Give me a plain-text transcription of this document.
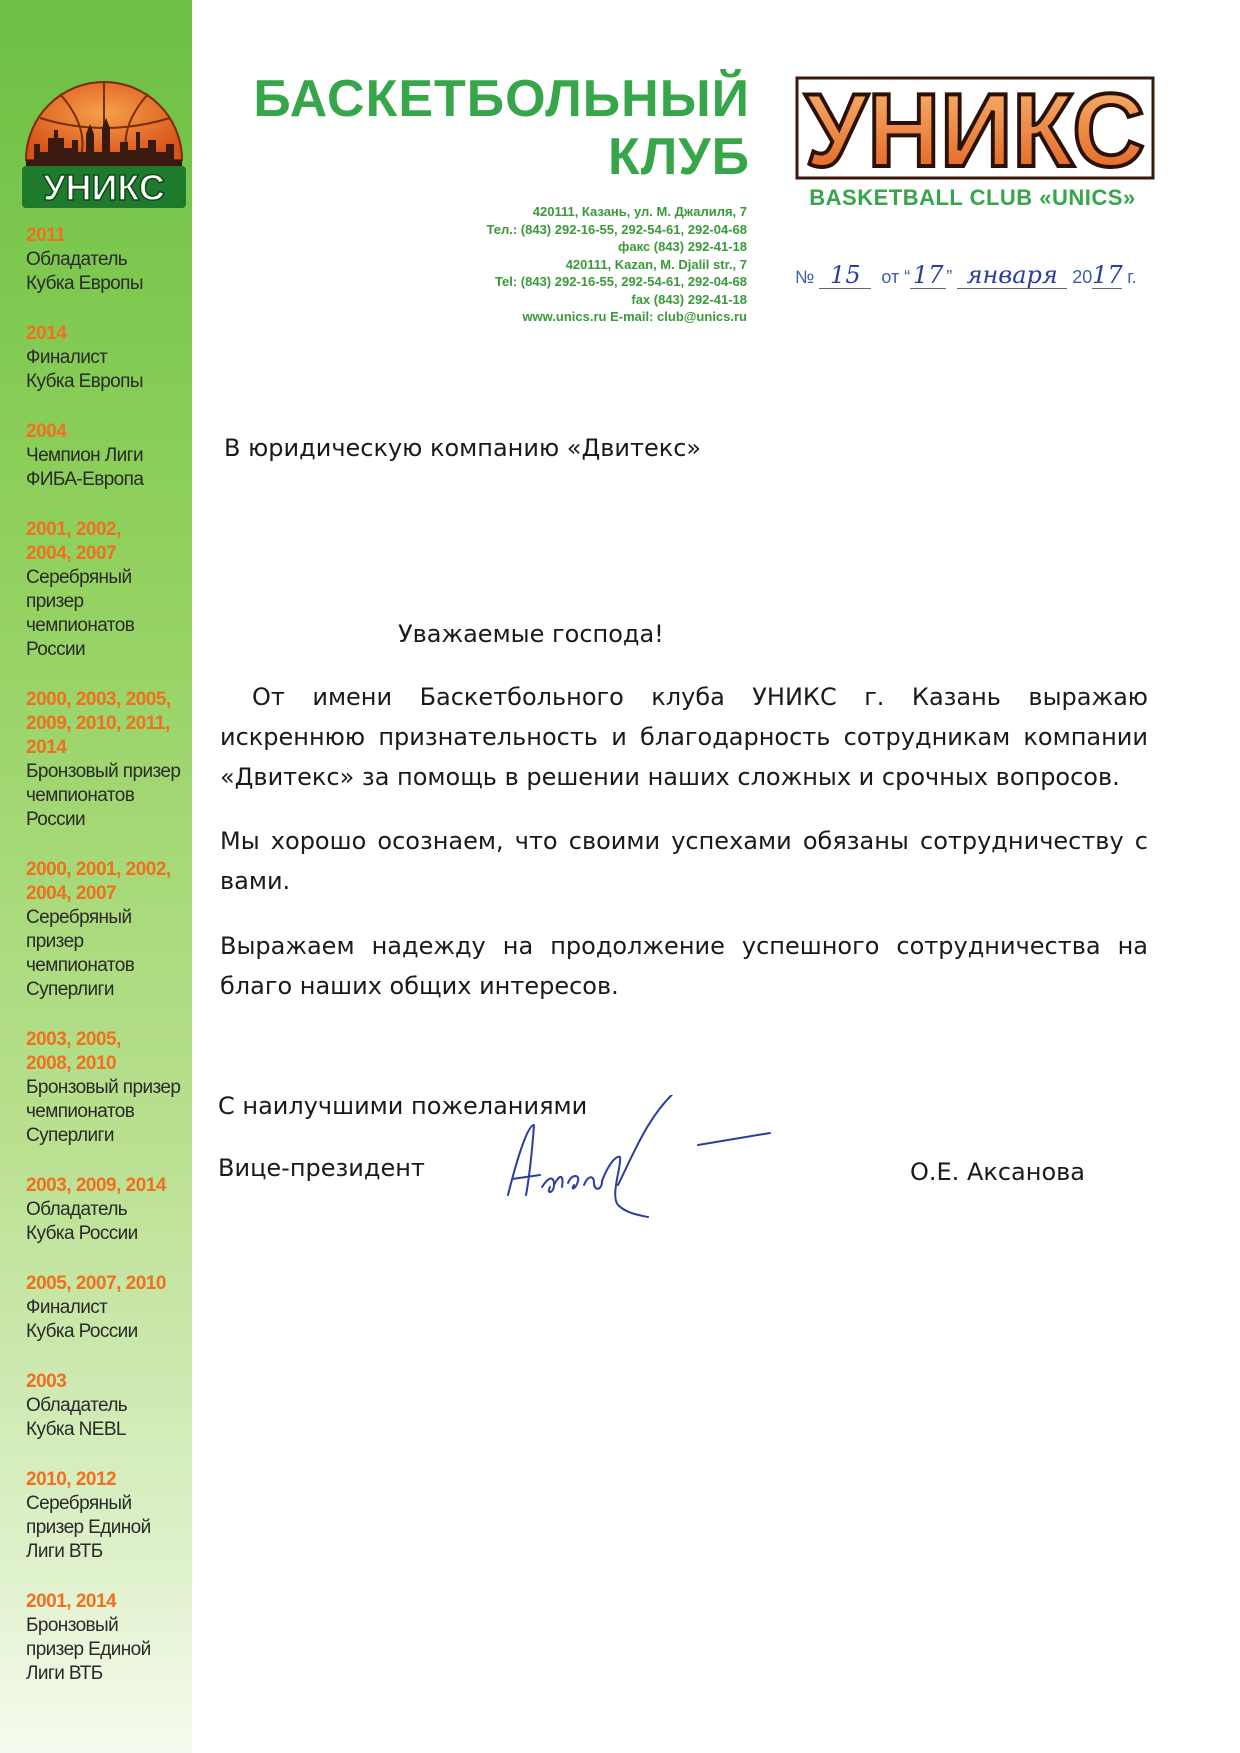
УНИКС
2011
Обладатель
Кубка Европы
2014
Финалист
Кубка Европы
2004
Чемпион Лиги
ФИБА-Европа
2001, 2002,
2004, 2007
Серебряный
призер
чемпионатов
России
2000, 2003, 2005,
2009, 2010, 2011,
2014
Бронзовый призер
чемпионатов
России
2000, 2001, 2002,
2004, 2007
Серебряный
призер
чемпионатов
Суперлиги
2003, 2005,
2008, 2010
Бронзовый призер
чемпионатов
Суперлиги
2003, 2009, 2014
Обладатель
Кубка России
2005, 2007, 2010
Финалист
Кубка России
2003
Обладатель
Кубка NEBL
2010, 2012
Серебряный
призер Единой
Лиги ВТБ
2001, 2014
Бронзовый
призер Единой
Лиги ВТБ
БАСКЕТБОЛЬНЫЙ
КЛУБ
420111, Казань, ул. М. Джалиля, 7
Тел.: (843) 292-16-55, 292-54-61, 292-04-68
факс (843) 292-41-18
420111, Kazan, M. Djalil str., 7
Tel: (843) 292-16-55, 292-54-61, 292-04-68
fax (843) 292-41-18
www.unics.ru E-mail: club@unics.ru
УНИКС
BASKETBALL CLUB «UNICS»
№ 15 от “ 17 ” января 2017 г.
В юридическую компанию «Двитекс»
Уважаемые господа!
От имени Баскетбольного клуба УНИКС г. Казань выражаю искреннюю признательность и благодарность сотрудникам компании «Двитекс» за помощь в решении наших сложных и срочных вопросов.
Мы хорошо осознаем, что своими успехами обязаны сотрудничеству с вами.
Выражаем надежду на продолжение успешного сотрудничества на благо наших общих интересов.
С наилучшими пожеланиями
Вице-президент	О.Е. Аксанова
